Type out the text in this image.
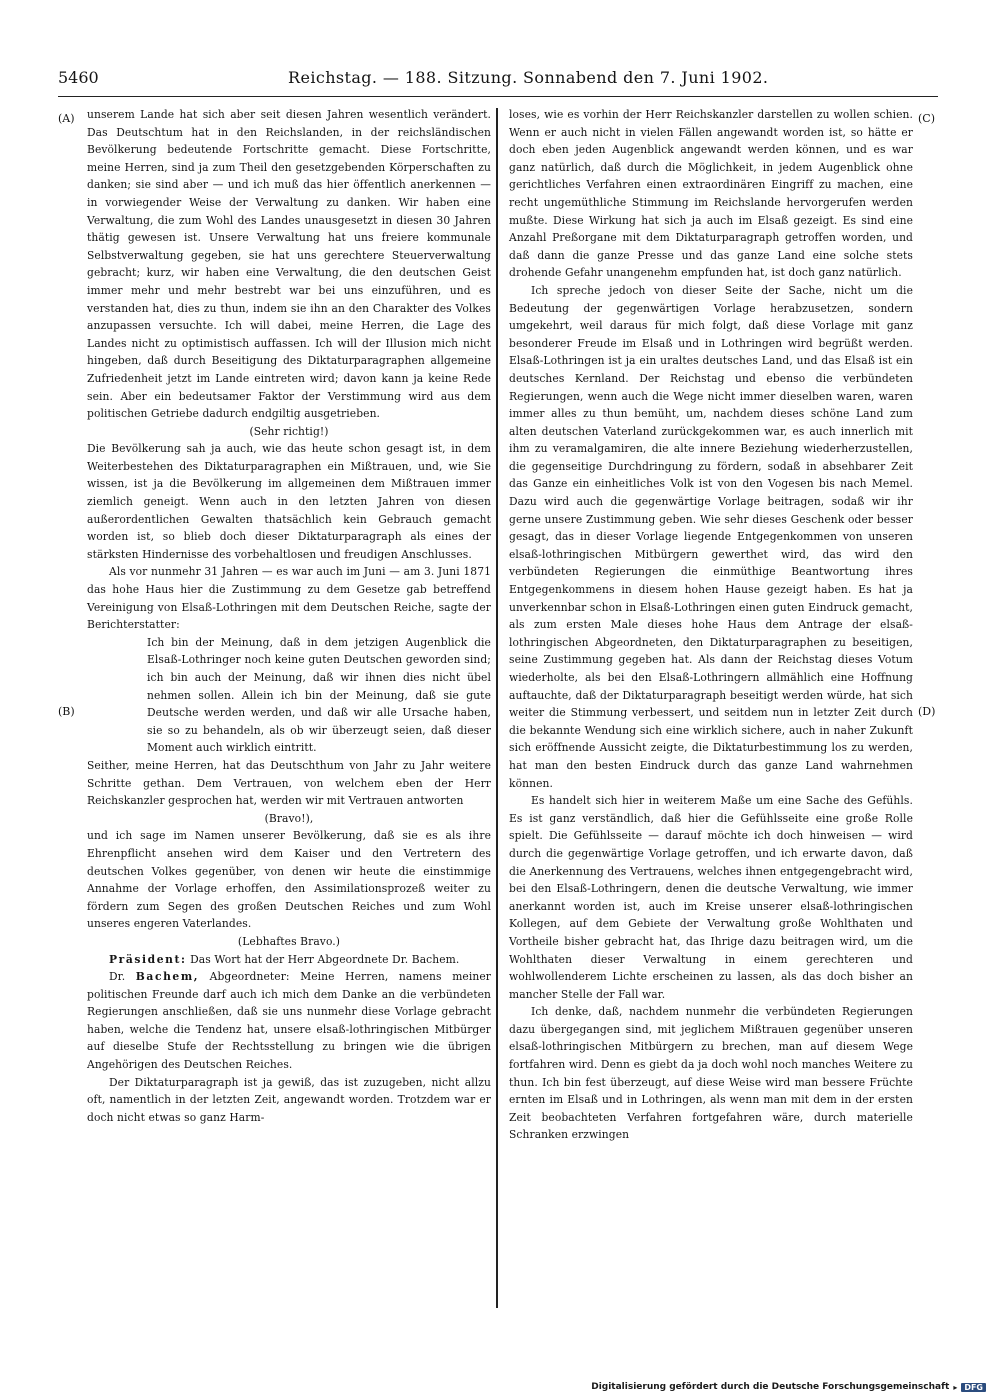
5460	Reichstag. — 188. Sitzung. Sonnabend den 7. Juni 1902.
(A)
(B)
(C)
(D)

unserem Lande hat sich aber seit diesen Jahren wesentlich verändert. Das Deutschtum hat in den Reichslanden, in der reichsländischen Bevölkerung bedeutende Fortschritte gemacht. Diese Fortschritte, meine Herren, sind ja zum Theil den gesetzgebenden Körperschaften zu danken; sie sind aber — und ich muß das hier öffentlich anerkennen — in vorwiegender Weise der Verwaltung zu danken. Wir haben eine Verwaltung, die zum Wohl des Landes unausgesetzt in diesen 30 Jahren thätig gewesen ist. Unsere Verwaltung hat uns freiere kommunale Selbstverwaltung gegeben, sie hat uns gerechtere Steuerverwaltung gebracht; kurz, wir haben eine Verwaltung, die den deutschen Geist immer mehr und mehr bestrebt war bei uns einzuführen, und es verstanden hat, dies zu thun, indem sie ihn an den Charakter des Volkes anzupassen versuchte. Ich will dabei, meine Herren, die Lage des Landes nicht zu optimistisch auffassen. Ich will der Illusion mich nicht hingeben, daß durch Beseitigung des Diktaturparagraphen allgemeine Zufriedenheit jetzt im Lande eintreten wird; davon kann ja keine Rede sein. Aber ein bedeutsamer Faktor der Verstimmung wird aus dem politischen Getriebe dadurch endgiltig ausgetrieben.

(Sehr richtig!)

Die Bevölkerung sah ja auch, wie das heute schon gesagt ist, in dem Weiterbestehen des Diktaturparagraphen ein Mißtrauen, und, wie Sie wissen, ist ja die Bevölkerung im allgemeinen dem Mißtrauen immer ziemlich geneigt. Wenn auch in den letzten Jahren von diesen außerordentlichen Gewalten thatsächlich kein Gebrauch gemacht worden ist, so blieb doch dieser Diktaturparagraph als eines der stärksten Hindernisse des vorbehaltlosen und freudigen Anschlusses.

Als vor nunmehr 31 Jahren — es war auch im Juni — am 3. Juni 1871 das hohe Haus hier die Zustimmung zu dem Gesetze gab betreffend Vereinigung von Elsaß-Lothringen mit dem Deutschen Reiche, sagte der Berichterstatter:

Ich bin der Meinung, daß in dem jetzigen Augenblick die Elsaß-Lothringer noch keine guten Deutschen geworden sind; ich bin auch der Meinung, daß wir ihnen dies nicht übel nehmen sollen. Allein ich bin der Meinung, daß sie gute Deutsche werden werden, und daß wir alle Ursache haben, sie so zu behandeln, als ob wir überzeugt seien, daß dieser Moment auch wirklich eintritt.

Seither, meine Herren, hat das Deutschthum von Jahr zu Jahr weitere Schritte gethan. Dem Vertrauen, von welchem eben der Herr Reichskanzler gesprochen hat, werden wir mit Vertrauen antworten

(Bravo!),

und ich sage im Namen unserer Bevölkerung, daß sie es als ihre Ehrenpflicht ansehen wird dem Kaiser und den Vertretern des deutschen Volkes gegenüber, von denen wir heute die einstimmige Annahme der Vorlage erhoffen, den Assimilationsprozeß weiter zu fördern zum Segen des großen Deutschen Reiches und zum Wohl unseres engeren Vaterlandes.

(Lebhaftes Bravo.)

Präsident: Das Wort hat der Herr Abgeordnete Dr. Bachem.

Dr. Bachem, Abgeordneter: Meine Herren, namens meiner politischen Freunde darf auch ich mich dem Danke an die verbündeten Regierungen anschließen, daß sie uns nunmehr diese Vorlage gebracht haben, welche die Tendenz hat, unsere elsaß-lothringischen Mitbürger auf dieselbe Stufe der Rechtsstellung zu bringen wie die übrigen Angehörigen des Deutschen Reiches.

Der Diktaturparagraph ist ja gewiß, das ist zuzugeben, nicht allzu oft, namentlich in der letzten Zeit, angewandt worden. Trotzdem war er doch nicht etwas so ganz Harm-

loses, wie es vorhin der Herr Reichskanzler darstellen zu wollen schien. Wenn er auch nicht in vielen Fällen angewandt worden ist, so hätte er doch eben jeden Augenblick angewandt werden können, und es war ganz natürlich, daß durch die Möglichkeit, in jedem Augenblick ohne gerichtliches Verfahren einen extraordinären Eingriff zu machen, eine recht ungemüthliche Stimmung im Reichslande hervorgerufen werden mußte. Diese Wirkung hat sich ja auch im Elsaß gezeigt. Es sind eine Anzahl Preßorgane mit dem Diktaturparagraph getroffen worden, und daß dann die ganze Presse und das ganze Land eine solche stets drohende Gefahr unangenehm empfunden hat, ist doch ganz natürlich.

Ich spreche jedoch von dieser Seite der Sache, nicht um die Bedeutung der gegenwärtigen Vorlage herabzusetzen, sondern umgekehrt, weil daraus für mich folgt, daß diese Vorlage mit ganz besonderer Freude im Elsaß und in Lothringen wird begrüßt werden. Elsaß-Lothringen ist ja ein uraltes deutsches Land, und das Elsaß ist ein deutsches Kernland. Der Reichstag und ebenso die verbündeten Regierungen, wenn auch die Wege nicht immer dieselben waren, waren immer alles zu thun bemüht, um, nachdem dieses schöne Land zum alten deutschen Vaterland zurückgekommen war, es auch innerlich mit ihm zu veramalgamiren, die alte innere Beziehung wiederherzustellen, die gegenseitige Durchdringung zu fördern, sodaß in absehbarer Zeit das Ganze ein einheitliches Volk ist von den Vogesen bis nach Memel. Dazu wird auch die gegenwärtige Vorlage beitragen, sodaß wir ihr gerne unsere Zustimmung geben. Wie sehr dieses Geschenk oder besser gesagt, das in dieser Vorlage liegende Entgegenkommen von unseren elsaß-lothringischen Mitbürgern gewerthet wird, das wird den verbündeten Regierungen die einmüthige Beantwortung ihres Entgegenkommens in diesem hohen Hause gezeigt haben. Es hat ja unverkennbar schon in Elsaß-Lothringen einen guten Eindruck gemacht, als zum ersten Male dieses hohe Haus dem Antrage der elsaß-lothringischen Abgeordneten, den Diktaturparagraphen zu beseitigen, seine Zustimmung gegeben hat. Als dann der Reichstag dieses Votum wiederholte, als bei den Elsaß-Lothringern allmählich eine Hoffnung auftauchte, daß der Diktaturparagraph beseitigt werden würde, hat sich weiter die Stimmung verbessert, und seitdem nun in letzter Zeit durch die bekannte Wendung sich eine wirklich sichere, auch in naher Zukunft sich eröffnende Aussicht zeigte, die Diktaturbestimmung los zu werden, hat man den besten Eindruck durch das ganze Land wahrnehmen können.

Es handelt sich hier in weiterem Maße um eine Sache des Gefühls. Es ist ganz verständlich, daß hier die Gefühlsseite eine große Rolle spielt. Die Gefühlsseite — darauf möchte ich doch hinweisen — wird durch die gegenwärtige Vorlage getroffen, und ich erwarte davon, daß die Anerkennung des Vertrauens, welches ihnen entgegengebracht wird, bei den Elsaß-Lothringern, denen die deutsche Verwaltung, wie immer anerkannt worden ist, auch im Kreise unserer elsaß-lothringischen Kollegen, auf dem Gebiete der Verwaltung große Wohlthaten und Vortheile bisher gebracht hat, das Ihrige dazu beitragen wird, um die Wohlthaten dieser Verwaltung in einem gerechteren und wohlwollenderem Lichte erscheinen zu lassen, als das doch bisher an mancher Stelle der Fall war.

Ich denke, daß, nachdem nunmehr die verbündeten Regierungen dazu übergegangen sind, mit jeglichem Mißtrauen gegenüber unseren elsaß-lothringischen Mitbürgern zu brechen, man auf diesem Wege fortfahren wird. Denn es giebt da ja doch wohl noch manches Weitere zu thun. Ich bin fest überzeugt, auf diese Weise wird man bessere Früchte ernten im Elsaß und in Lothringen, als wenn man mit dem in der ersten Zeit beobachteten Verfahren fortgefahren wäre, durch materielle Schranken erzwingen

Digitalisierung gefördert durch die Deutsche Forschungsgemeinschaft ▸ DFG
